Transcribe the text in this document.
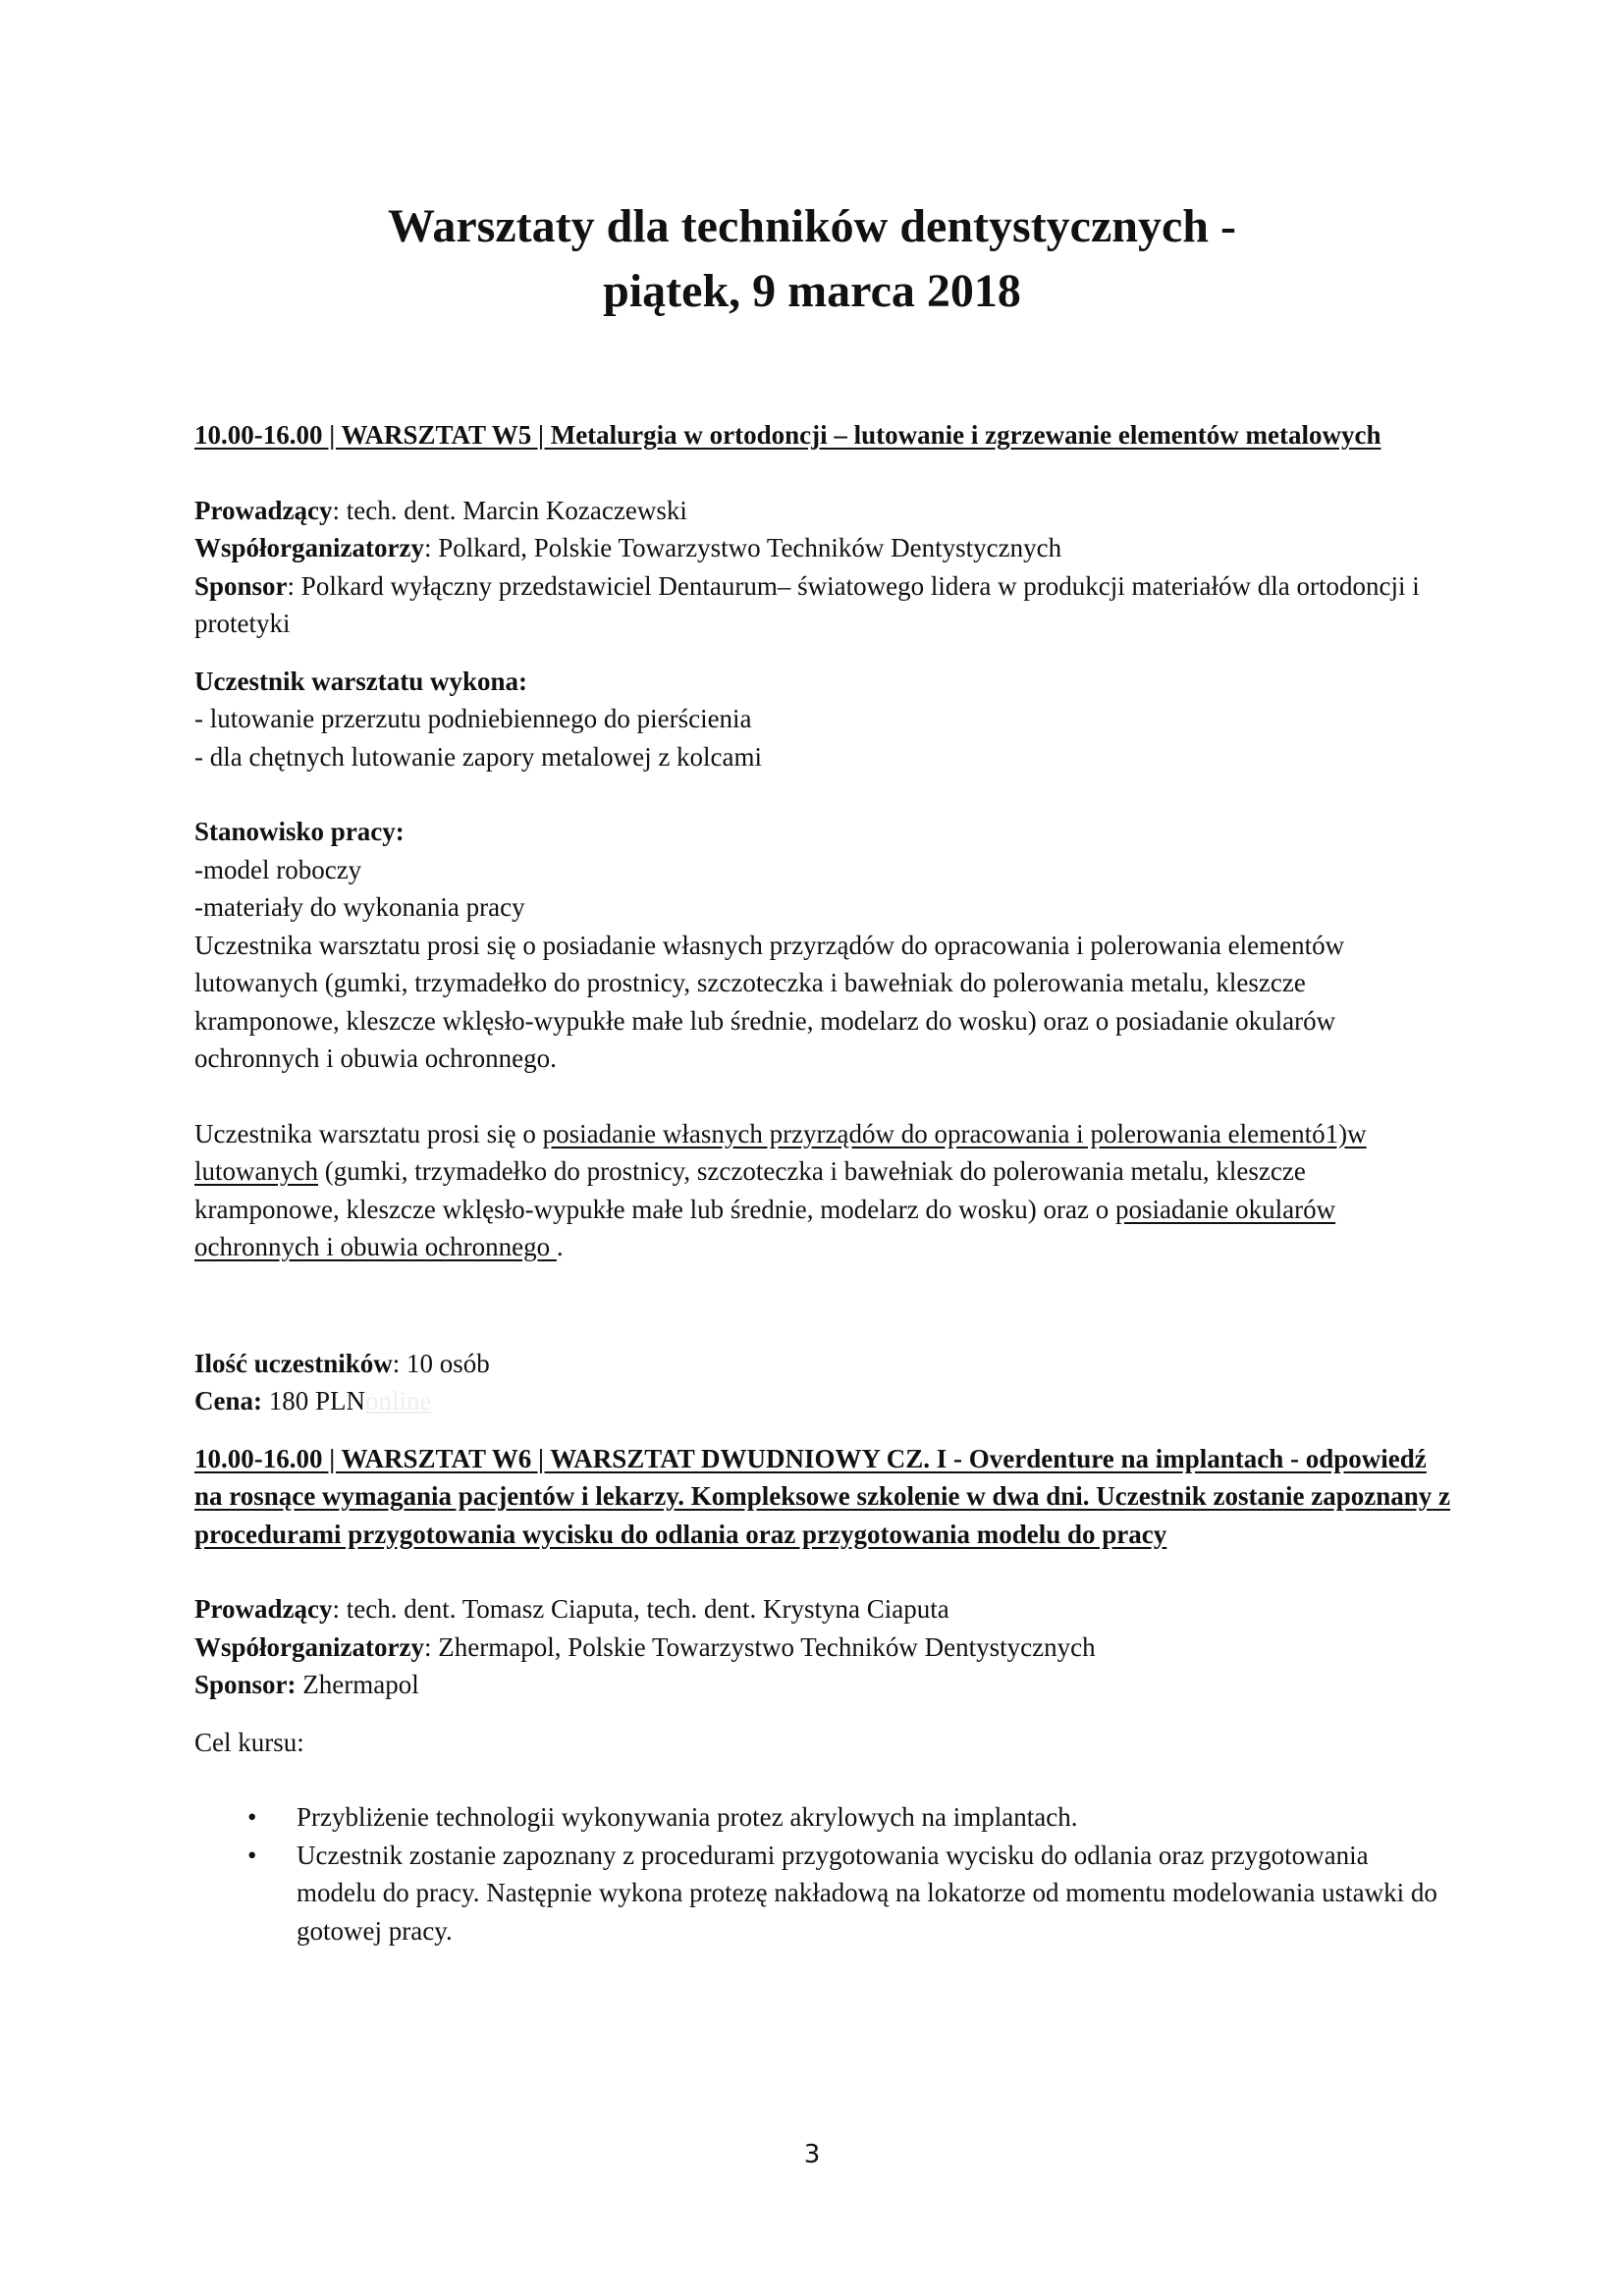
Warsztaty dla techników dentystycznych -
piątek, 9 marca 2018

10.00-16.00 | WARSZTAT W5 | Metalurgia w ortodoncji – lutowanie i zgrzewanie elementów metalowych

Prowadzący: tech. dent. Marcin Kozaczewski

Współorganizatorzy: Polkard, Polskie Towarzystwo Techników Dentystycznych

Sponsor: Polkard wyłączny przedstawiciel Dentaurum– światowego lidera w produkcji materiałów dla ortodoncji i protetyki

Uczestnik warsztatu wykona:

- lutowanie przerzutu podniebiennego do pierścienia

- dla chętnych lutowanie zapory metalowej z kolcami

Stanowisko pracy:

-model roboczy

-materiały do wykonania pracy

Uczestnika warsztatu prosi się o posiadanie własnych przyrządów do opracowania i polerowania elementów lutowanych (gumki, trzymadełko do prostnicy, szczoteczka i bawełniak do polerowania metalu, kleszcze kramponowe, kleszcze wklęsło-wypukłe małe lub średnie, modelarz do wosku) oraz o posiadanie okularów ochronnych i obuwia ochronnego.

Uczestnika warsztatu prosi się o posiadanie własnych przyrządów do opracowania i polerowania elementó1)w lutowanych (gumki, trzymadełko do prostnicy, szczoteczka i bawełniak do polerowania metalu, kleszcze kramponowe, kleszcze wklęsło-wypukłe małe lub średnie, modelarz do wosku) oraz o posiadanie okularów ochronnych i obuwia ochronnego .

Ilość uczestników: 10 osób

Cena: 180 PLNonline

10.00-16.00 | WARSZTAT W6 | WARSZTAT DWUDNIOWY CZ. I - Overdenture na implantach - odpowiedź na rosnące wymagania pacjentów i lekarzy. Kompleksowe szkolenie w dwa dni. Uczestnik zostanie zapoznany z procedurami przygotowania wycisku do odlania oraz przygotowania modelu do pracy

Prowadzący: tech. dent. Tomasz Ciaputa, tech. dent. Krystyna Ciaputa

Współorganizatorzy: Zhermapol, Polskie Towarzystwo Techników Dentystycznych

Sponsor: Zhermapol

Cel kursu:

• Przybliżenie technologii wykonywania protez akrylowych na implantach.
• Uczestnik zostanie zapoznany z procedurami przygotowania wycisku do odlania oraz przygotowania modelu do pracy. Następnie wykona protezę nakładową na lokatorze od momentu modelowania ustawki do gotowej pracy.
3
